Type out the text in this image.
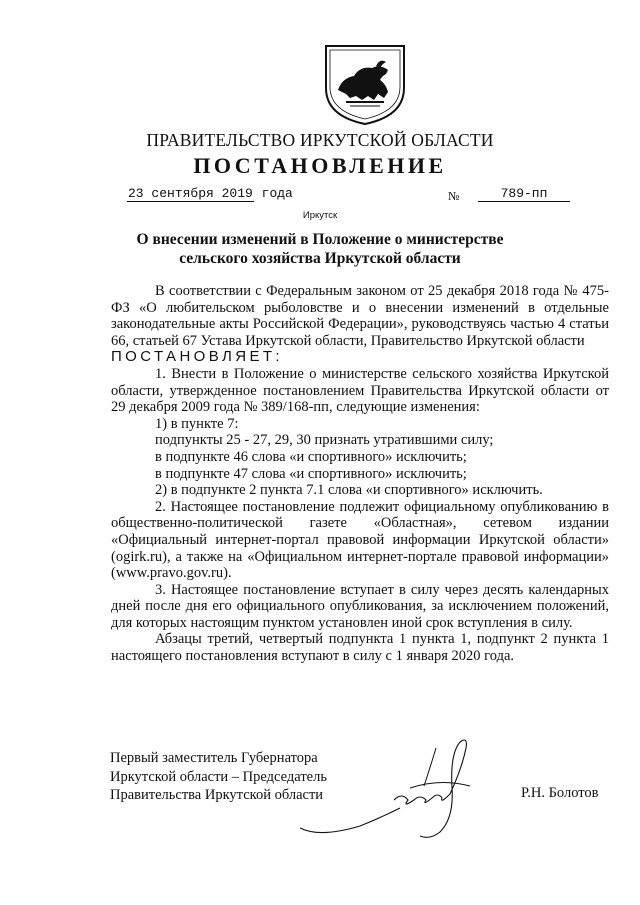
ПРАВИТЕЛЬСТВО ИРКУТСКОЙ ОБЛАСТИ
ПОСТАНОВЛЕНИЕ
23 сентября 2019 года	№	789-пп
Иркутск
О внесении изменений в Положение о министерстве сельского хозяйства Иркутской области

В соответствии с Федеральным законом от 25 декабря 2018 года № 475-ФЗ «О любительском рыболовстве и о внесении изменений в отдельные законодательные акты Российской Федерации», руководствуясь частью 4 статьи 66, статьей 67 Устава Иркутской области, Правительство Иркутской области

ПОСТАНОВЛЯЕТ:

1. Внести в Положение о министерстве сельского хозяйства Иркутской области, утвержденное постановлением Правительства Иркутской области от 29 декабря 2009 года № 389/168-пп, следующие изменения:

1) в пункте 7:

подпункты 25 - 27, 29, 30 признать утратившими силу;

в подпункте 46 слова «и спортивного» исключить;

в подпункте 47 слова «и спортивного» исключить;

2) в подпункте 2 пункта 7.1 слова «и спортивного» исключить.

2. Настоящее постановление подлежит официальному опубликованию в общественно-политической газете «Областная», сетевом издании «Официальный интернет-портал правовой информации Иркутской области» (ogirk.ru), а также на «Официальном интернет-портале правовой информации» (www.pravo.gov.ru).

3. Настоящее постановление вступает в силу через десять календарных дней после дня его официального опубликования, за исключением положений, для которых настоящим пунктом установлен иной срок вступления в силу.

Абзацы третий, четвертый подпункта 1 пункта 1, подпункт 2 пункта 1 настоящего постановления вступают в силу с 1 января 2020 года.

Первый заместитель Губернатора
Иркутской области – Председатель
Правительства Иркутской области	Р.Н. Болотов
